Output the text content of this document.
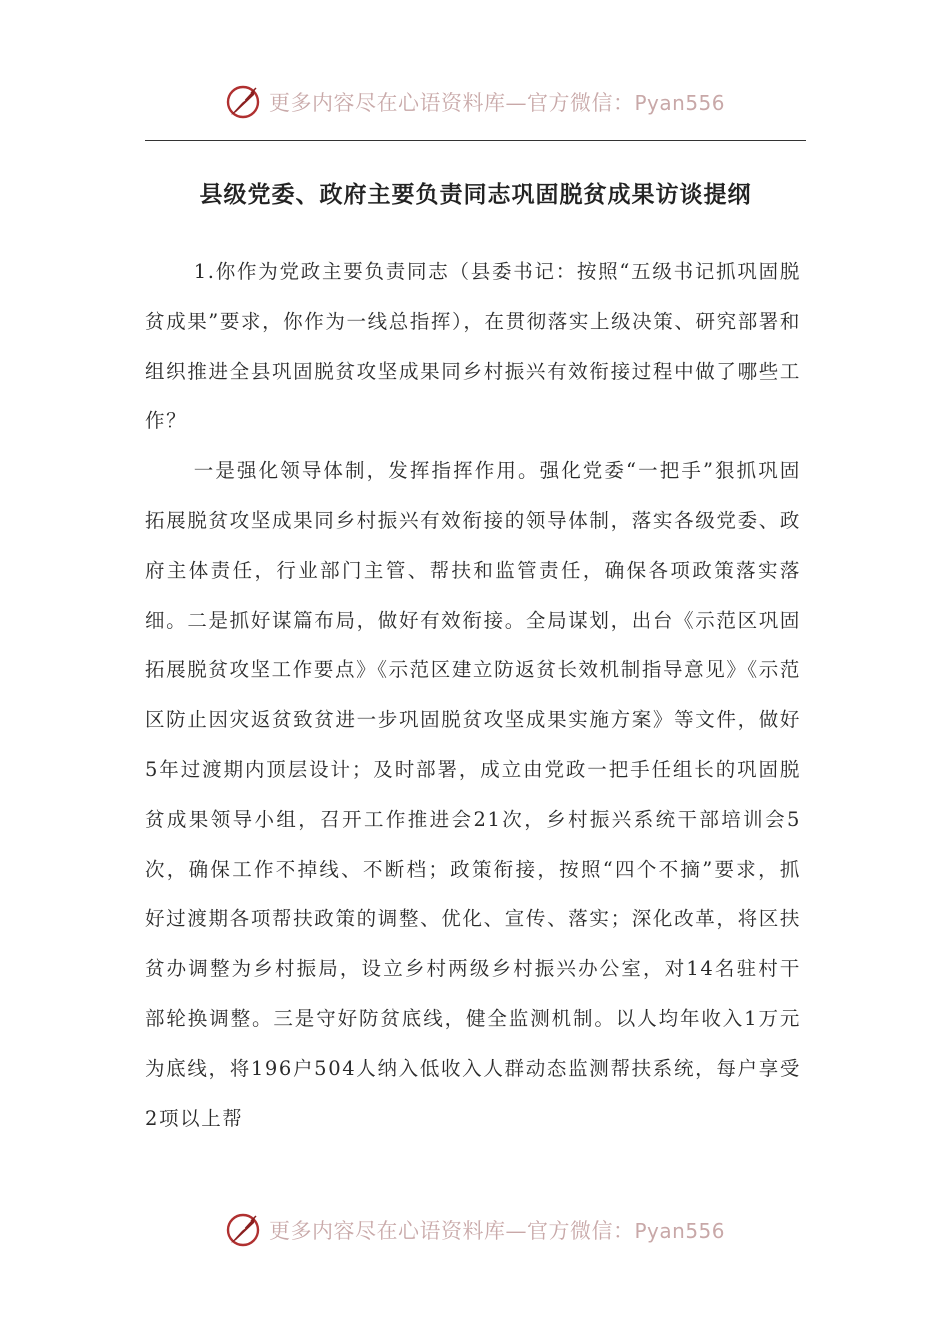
更多内容尽在心语资料库—官方微信：Pyan556
县级党委、政府主要负责同志巩固脱贫成果访谈提纲

1.你作为党政主要负责同志（县委书记：按照“五级书记抓巩固脱贫成果”要求，你作为一线总指挥），在贯彻落实上级决策、研究部署和组织推进全县巩固脱贫攻坚成果同乡村振兴有效衔接过程中做了哪些工作？

一是强化领导体制，发挥指挥作用。强化党委“一把手”狠抓巩固拓展脱贫攻坚成果同乡村振兴有效衔接的领导体制，落实各级党委、政府主体责任，行业部门主管、帮扶和监管责任，确保各项政策落实落细。二是抓好谋篇布局，做好有效衔接。全局谋划，出台《示范区巩固拓展脱贫攻坚工作要点》《示范区建立防返贫长效机制指导意见》《示范区防止因灾返贫致贫进一步巩固脱贫攻坚成果实施方案》等文件，做好5年过渡期内顶层设计；及时部署，成立由党政一把手任组长的巩固脱贫成果领导小组，召开工作推进会21次，乡村振兴系统干部培训会5次，确保工作不掉线、不断档；政策衔接，按照“四个不摘”要求，抓好过渡期各项帮扶政策的调整、优化、宣传、落实；深化改革，将区扶贫办调整为乡村振局，设立乡村两级乡村振兴办公室，对14名驻村干部轮换调整。三是守好防贫底线，健全监测机制。以人均年收入1万元为底线，将196户504人纳入低收入人群动态监测帮扶系统，每户享受2项以上帮

更多内容尽在心语资料库—官方微信：Pyan556
